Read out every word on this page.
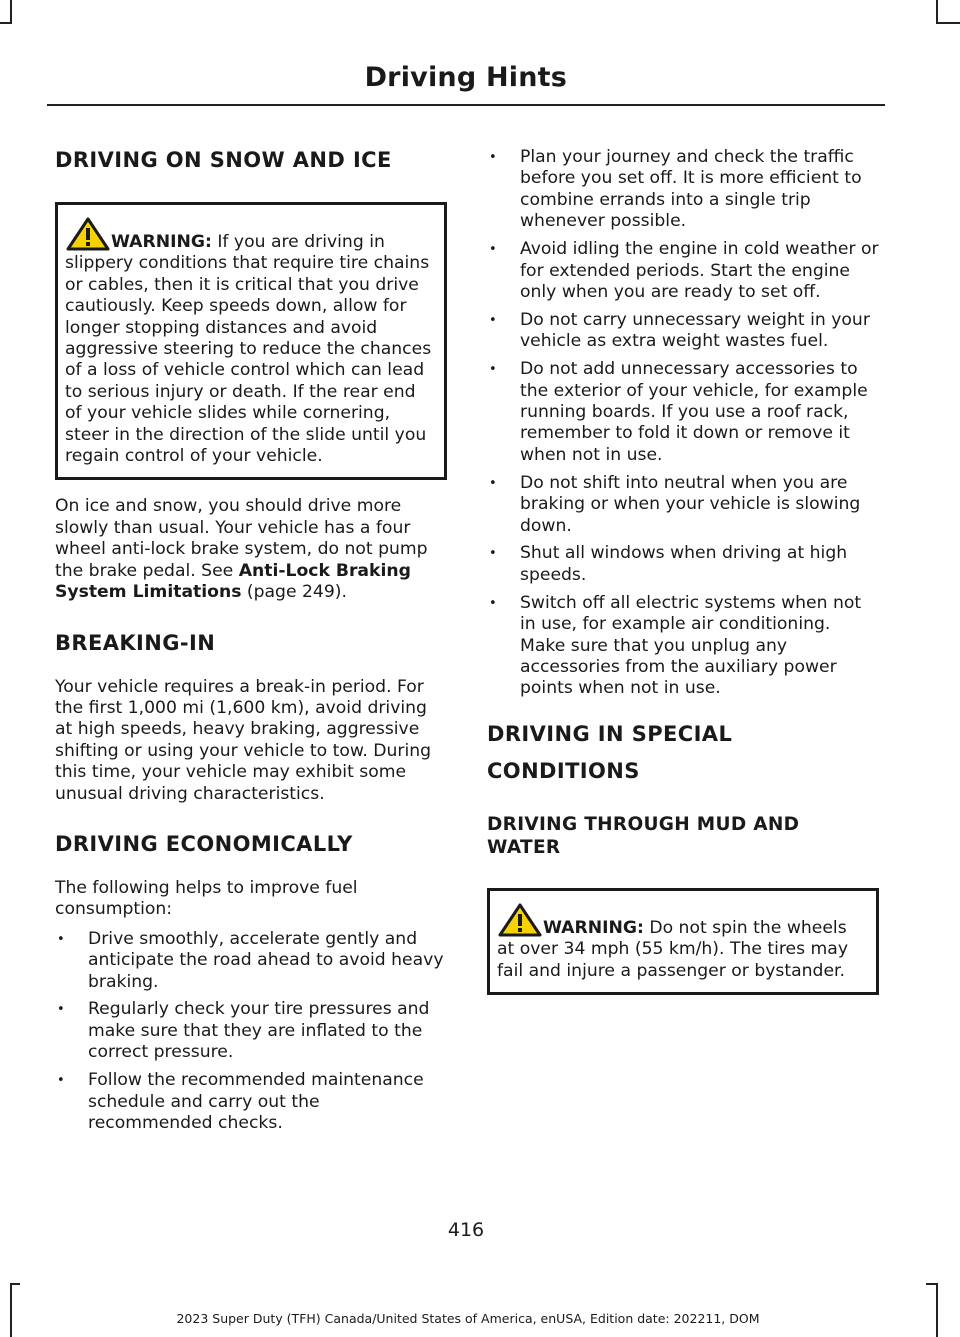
Driving Hints
DRIVING ON SNOW AND ICE

WARNING: If you are driving in slippery conditions that require tire chains or cables, then it is critical that you drive cautiously. Keep speeds down, allow for longer stopping distances and avoid aggressive steering to reduce the chances of a loss of vehicle control which can lead to serious injury or death. If the rear end of your vehicle slides while cornering, steer in the direction of the slide until you regain control of your vehicle.

On ice and snow, you should drive more slowly than usual. Your vehicle has a four wheel anti-lock brake system, do not pump the brake pedal. See Anti-Lock Braking System Limitations (page 249).

BREAKING-IN

Your vehicle requires a break-in period. For the first 1,000 mi (1,600 km), avoid driving at high speeds, heavy braking, aggressive shifting or using your vehicle to tow. During this time, your vehicle may exhibit some unusual driving characteristics.

DRIVING ECONOMICALLY

The following helps to improve fuel consumption:

• Drive smoothly, accelerate gently and anticipate the road ahead to avoid heavy braking.
• Regularly check your tire pressures and make sure that they are inflated to the correct pressure.
• Follow the recommended maintenance schedule and carry out the recommended checks.
• Plan your journey and check the traffic before you set off. It is more efficient to combine errands into a single trip whenever possible.
• Avoid idling the engine in cold weather or for extended periods. Start the engine only when you are ready to set off.
• Do not carry unnecessary weight in your vehicle as extra weight wastes fuel.
• Do not add unnecessary accessories to the exterior of your vehicle, for example running boards. If you use a roof rack, remember to fold it down or remove it when not in use.
• Do not shift into neutral when you are braking or when your vehicle is slowing down.
• Shut all windows when driving at high speeds.
• Switch off all electric systems when not in use, for example air conditioning. Make sure that you unplug any accessories from the auxiliary power points when not in use.
DRIVING IN SPECIAL
CONDITIONS
DRIVING THROUGH MUD AND
WATER

WARNING: Do not spin the wheels at over 34 mph (55 km/h). The tires may fail and injure a passenger or bystander.

416
2023 Super Duty (TFH) Canada/United States of America, enUSA, Edition date: 202211, DOM
